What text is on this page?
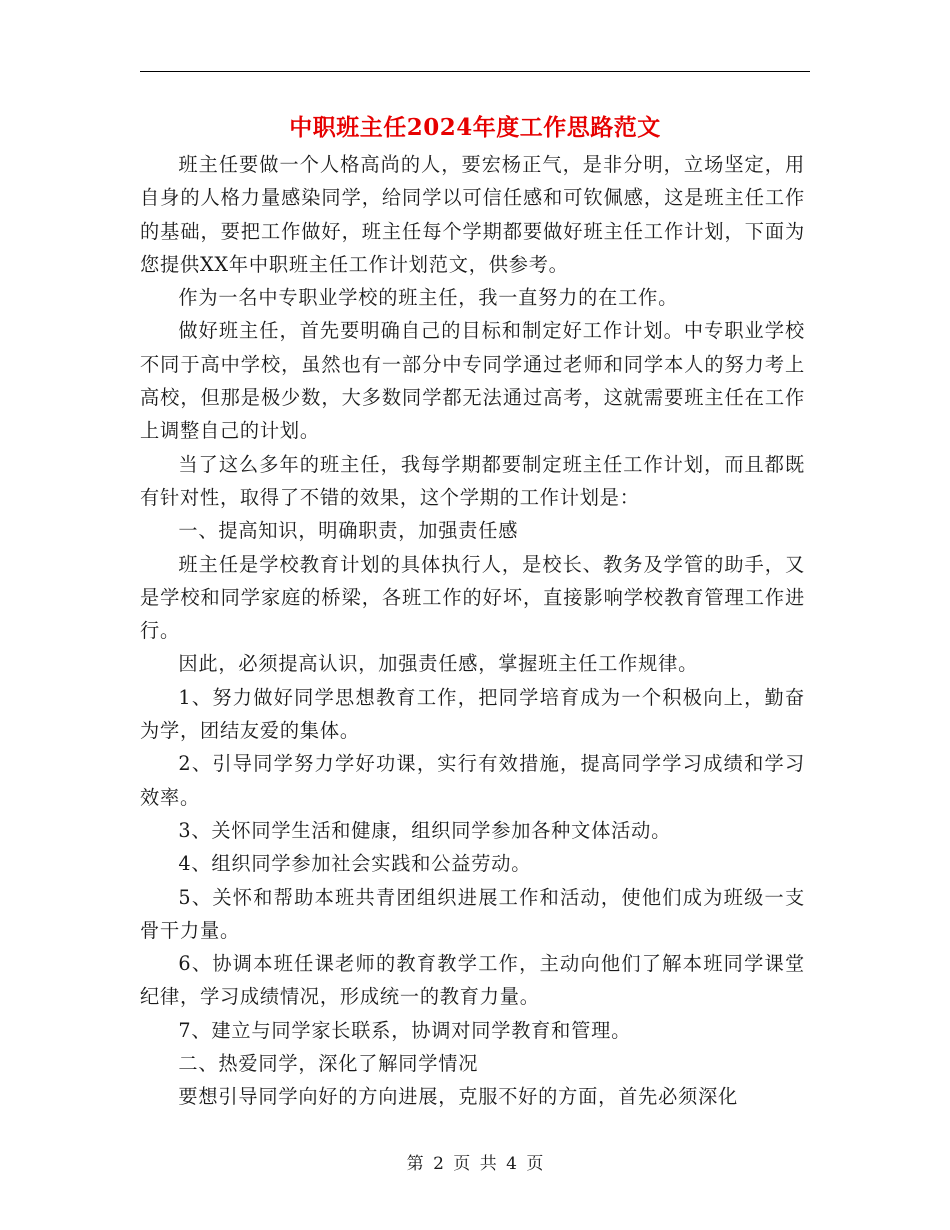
中职班主任2024年度工作思路范文

班主任要做一个人格高尚的人，要宏杨正气，是非分明，立场坚定，用自身的人格力量感染同学，给同学以可信任感和可钦佩感，这是班主任工作的基础，要把工作做好，班主任每个学期都要做好班主任工作计划，下面为您提供XX年中职班主任工作计划范文，供参考。

作为一名中专职业学校的班主任，我一直努力的在工作。

做好班主任，首先要明确自己的目标和制定好工作计划。中专职业学校不同于高中学校，虽然也有一部分中专同学通过老师和同学本人的努力考上高校，但那是极少数，大多数同学都无法通过高考，这就需要班主任在工作上调整自己的计划。

当了这么多年的班主任，我每学期都要制定班主任工作计划，而且都既有针对性，取得了不错的效果，这个学期的工作计划是：

一、提高知识，明确职责，加强责任感

班主任是学校教育计划的具体执行人，是校长、教务及学管的助手，又是学校和同学家庭的桥梁，各班工作的好坏，直接影响学校教育管理工作进行。

因此，必须提高认识，加强责任感，掌握班主任工作规律。

1、努力做好同学思想教育工作，把同学培育成为一个积极向上，勤奋为学，团结友爱的集体。

2、引导同学努力学好功课，实行有效措施，提高同学学习成绩和学习效率。

3、关怀同学生活和健康，组织同学参加各种文体活动。

4、组织同学参加社会实践和公益劳动。

5、关怀和帮助本班共青团组织进展工作和活动，使他们成为班级一支骨干力量。

6、协调本班任课老师的教育教学工作，主动向他们了解本班同学课堂纪律，学习成绩情况，形成统一的教育力量。

7、建立与同学家长联系，协调对同学教育和管理。

二、热爱同学，深化了解同学情况

要想引导同学向好的方向进展，克服不好的方面，首先必须深化

第 2 页 共 4 页
